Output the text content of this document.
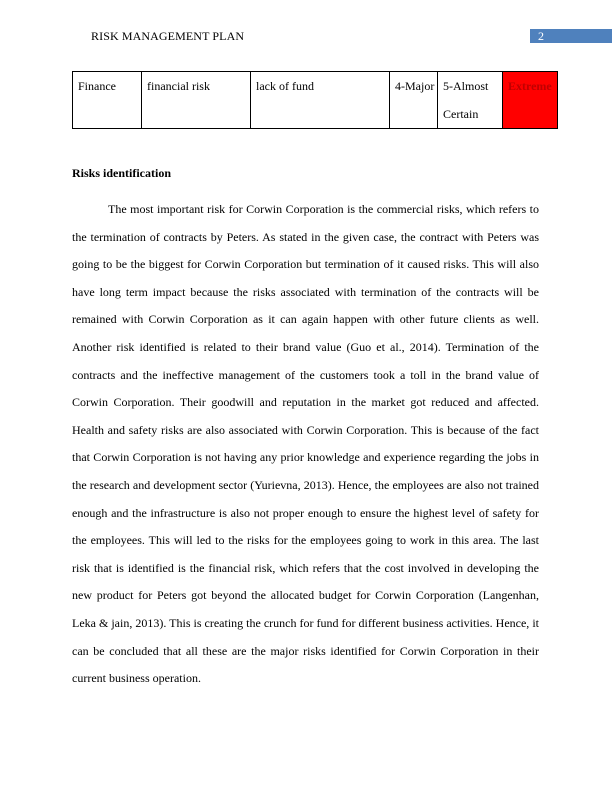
RISK MANAGEMENT PLAN	2
Finance	financial risk	lack of fund	4-Major	5-Almost Certain	Extreme
Risks identification

The most important risk for Corwin Corporation is the commercial risks, which refers to the termination of contracts by Peters. As stated in the given case, the contract with Peters was going to be the biggest for Corwin Corporation but termination of it caused risks. This will also have long term impact because the risks associated with termination of the contracts will be remained with Corwin Corporation as it can again happen with other future clients as well. Another risk identified is related to their brand value (Guo et al., 2014). Termination of the contracts and the ineffective management of the customers took a toll in the brand value of Corwin Corporation. Their goodwill and reputation in the market got reduced and affected. Health and safety risks are also associated with Corwin Corporation. This is because of the fact that Corwin Corporation is not having any prior knowledge and experience regarding the jobs in the research and development sector (Yurievna, 2013). Hence, the employees are also not trained enough and the infrastructure is also not proper enough to ensure the highest level of safety for the employees. This will led to the risks for the employees going to work in this area. The last risk that is identified is the financial risk, which refers that the cost involved in developing the new product for Peters got beyond the allocated budget for Corwin Corporation (Langenhan, Leka & jain, 2013). This is creating the crunch for fund for different business activities. Hence, it can be concluded that all these are the major risks identified for Corwin Corporation in their current business operation.
